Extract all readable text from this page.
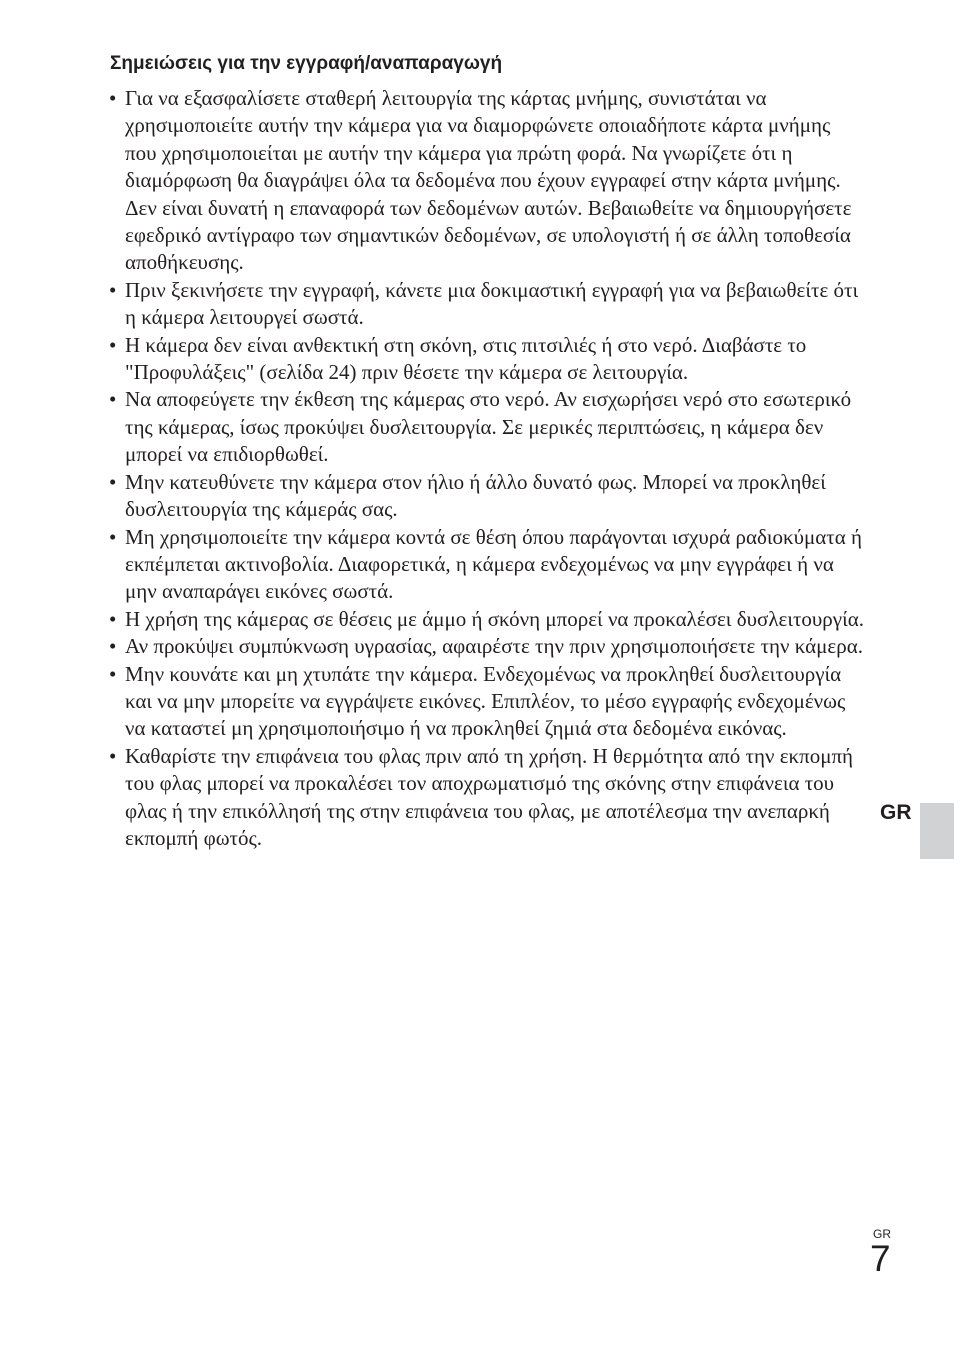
Σημειώσεις για την εγγραφή/αναπαραγωγή
• Για να εξασφαλίσετε σταθερή λειτουργία της κάρτας μνήμης, συνιστάται να χρησιμοποιείτε αυτήν την κάμερα για να διαμορφώνετε οποιαδήποτε κάρτα μνήμης που χρησιμοποιείται με αυτήν την κάμερα για πρώτη φορά. Να γνωρίζετε ότι η διαμόρφωση θα διαγράψει όλα τα δεδομένα που έχουν εγγραφεί στην κάρτα μνήμης. Δεν είναι δυνατή η επαναφορά των δεδομένων αυτών. Βεβαιωθείτε να δημιουργήσετε εφεδρικό αντίγραφο των σημαντικών δεδομένων, σε υπολογιστή ή σε άλλη τοποθεσία αποθήκευσης.
• Πριν ξεκινήσετε την εγγραφή, κάνετε μια δοκιμαστική εγγραφή για να βεβαιωθείτε ότι η κάμερα λειτουργεί σωστά.
• Η κάμερα δεν είναι ανθεκτική στη σκόνη, στις πιτσιλιές ή στο νερό. Διαβάστε το "Προφυλάξεις" (σελίδα 24) πριν θέσετε την κάμερα σε λειτουργία.
• Να αποφεύγετε την έκθεση της κάμερας στο νερό. Αν εισχωρήσει νερό στο εσωτερικό της κάμερας, ίσως προκύψει δυσλειτουργία. Σε μερικές περιπτώσεις, η κάμερα δεν μπορεί να επιδιορθωθεί.
• Μην κατευθύνετε την κάμερα στον ήλιο ή άλλο δυνατό φως. Μπορεί να προκληθεί δυσλειτουργία της κάμεράς σας.
• Μη χρησιμοποιείτε την κάμερα κοντά σε θέση όπου παράγονται ισχυρά ραδιοκύματα ή εκπέμπεται ακτινοβολία. Διαφορετικά, η κάμερα ενδεχομένως να μην εγγράφει ή να μην αναπαράγει εικόνες σωστά.
• Η χρήση της κάμερας σε θέσεις με άμμο ή σκόνη μπορεί να προκαλέσει δυσλειτουργία.
• Αν προκύψει συμπύκνωση υγρασίας, αφαιρέστε την πριν χρησιμοποιήσετε την κάμερα.
• Μην κουνάτε και μη χτυπάτε την κάμερα. Ενδεχομένως να προκληθεί δυσλειτουργία και να μην μπορείτε να εγγράψετε εικόνες. Επιπλέον, το μέσο εγγραφής ενδεχομένως να καταστεί μη χρησιμοποιήσιμο ή να προκληθεί ζημιά στα δεδομένα εικόνας.
• Καθαρίστε την επιφάνεια του φλας πριν από τη χρήση. Η θερμότητα από την εκπομπή του φλας μπορεί να προκαλέσει τον αποχρωματισμό της σκόνης στην επιφάνεια του φλας ή την επικόλλησή της στην επιφάνεια του φλας, με αποτέλεσμα την ανεπαρκή εκπομπή φωτός.
GR
GR
7
